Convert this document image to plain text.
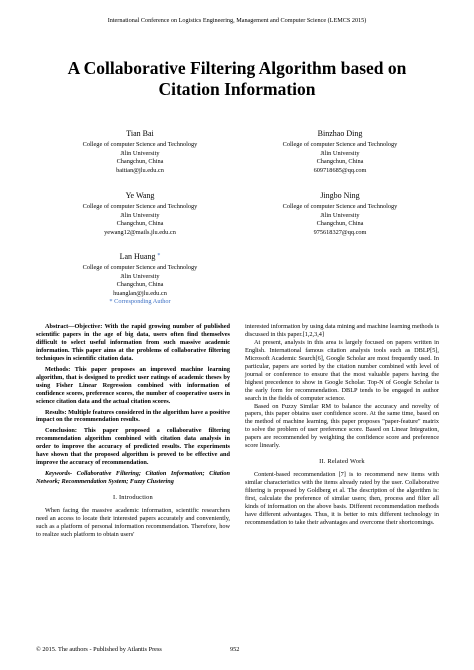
International Conference on Logistics Engineering, Management and Computer Science (LEMCS 2015)
A Collaborative Filtering Algorithm based on
Citation Information
Tian Bai
College of computer Science and Technology
Jilin University
Changchun, China
baitian@jlu.edu.cn
Binzhao Ding
College of computer Science and Technology
Jilin University
Changchun, China
609718685@qq.com
Ye Wang
College of computer Science and Technology
Jilin University
Changchun, China
yewang12@mails.jlu.edu.cn
Jingbo Ning
College of computer Science and Technology
Jilin University
Changchun, China
975618327@qq.com
Lan Huang *
College of computer Science and Technology
Jilin University
Changchun, China
huanglan@jlu.edu.cn
* Corresponding Author

Abstract—Objective: With the rapid growing number of published scientific papers in the age of big data, users often find themselves difficult to select useful information from such massive academic information. This paper aims at the problems of collaborative filtering techniques in scientific citation data.

Methods: This paper proposes an improved machine learning algorithm, that is designed to predict user ratings of academic theses by using Fisher Linear Regression combined with information of confidence scores, preference scores, the number of cooperative users in science citation data and the actual citation scores.

Results: Multiple features considered in the algorithm have a positive impact on the recommendation results.

Conclusion: This paper proposed a collaborative filtering recommendation algorithm combined with citation data analysis in order to improve the accuracy of predicted results. The experiments have shown that the proposed algorithm is proved to be effective and improve the accuracy of recommendation.

Keywords- Collaborative Filtering; Citation Information; Citation Network; Recommendation System; Fuzzy Clustering

I. Introduction

When facing the massive academic information, scientific researchers need an access to locate their interested papers accurately and conveniently, such as a platform of personal information recommendation. Therefore, how to realize such platform to obtain users'

interested information by using data mining and machine learning methods is discussed in this paper.[1,2,3,4]

At present, analysis in this area is largely focused on papers written in English. International famous citation analysis tools such as DBLP[5], Microsoft Academic Search[6], Google Scholar are most frequently used. In particular, papers are sorted by the citation number combined with level of journal or conference to ensure that the most valuable papers having the highest precedence to show in Google Scholar. Top-N of Google Scholar is the early form for recommendation. DBLP tends to be engaged in author search in the fields of computer science.

Based on Fuzzy Similar RM to balance the accuracy and novelty of papers, this paper obtains user confidence score. At the same time, based on the method of machine learning, this paper proposes "paper-feature" matrix to solve the problem of user preference score. Based on Linear Integration, papers are recommended by weighting the confidence score and preference score linearly.

II. Related Work

Content-based recommendation [7] is to recommend new items with similar characteristics with the items already rated by the user. Collaborative filtering is proposed by Goldberg et al. The description of the algorithm is: first, calculate the preference of similar users; then, process and filter all kinds of information on the above basis. Different recommendation methods have different advantages. Thus, it is better to mix different technology in recommendation to take their advantages and overcome their shortcomings.

© 2015. The authors - Published by Atlantis Press	952
